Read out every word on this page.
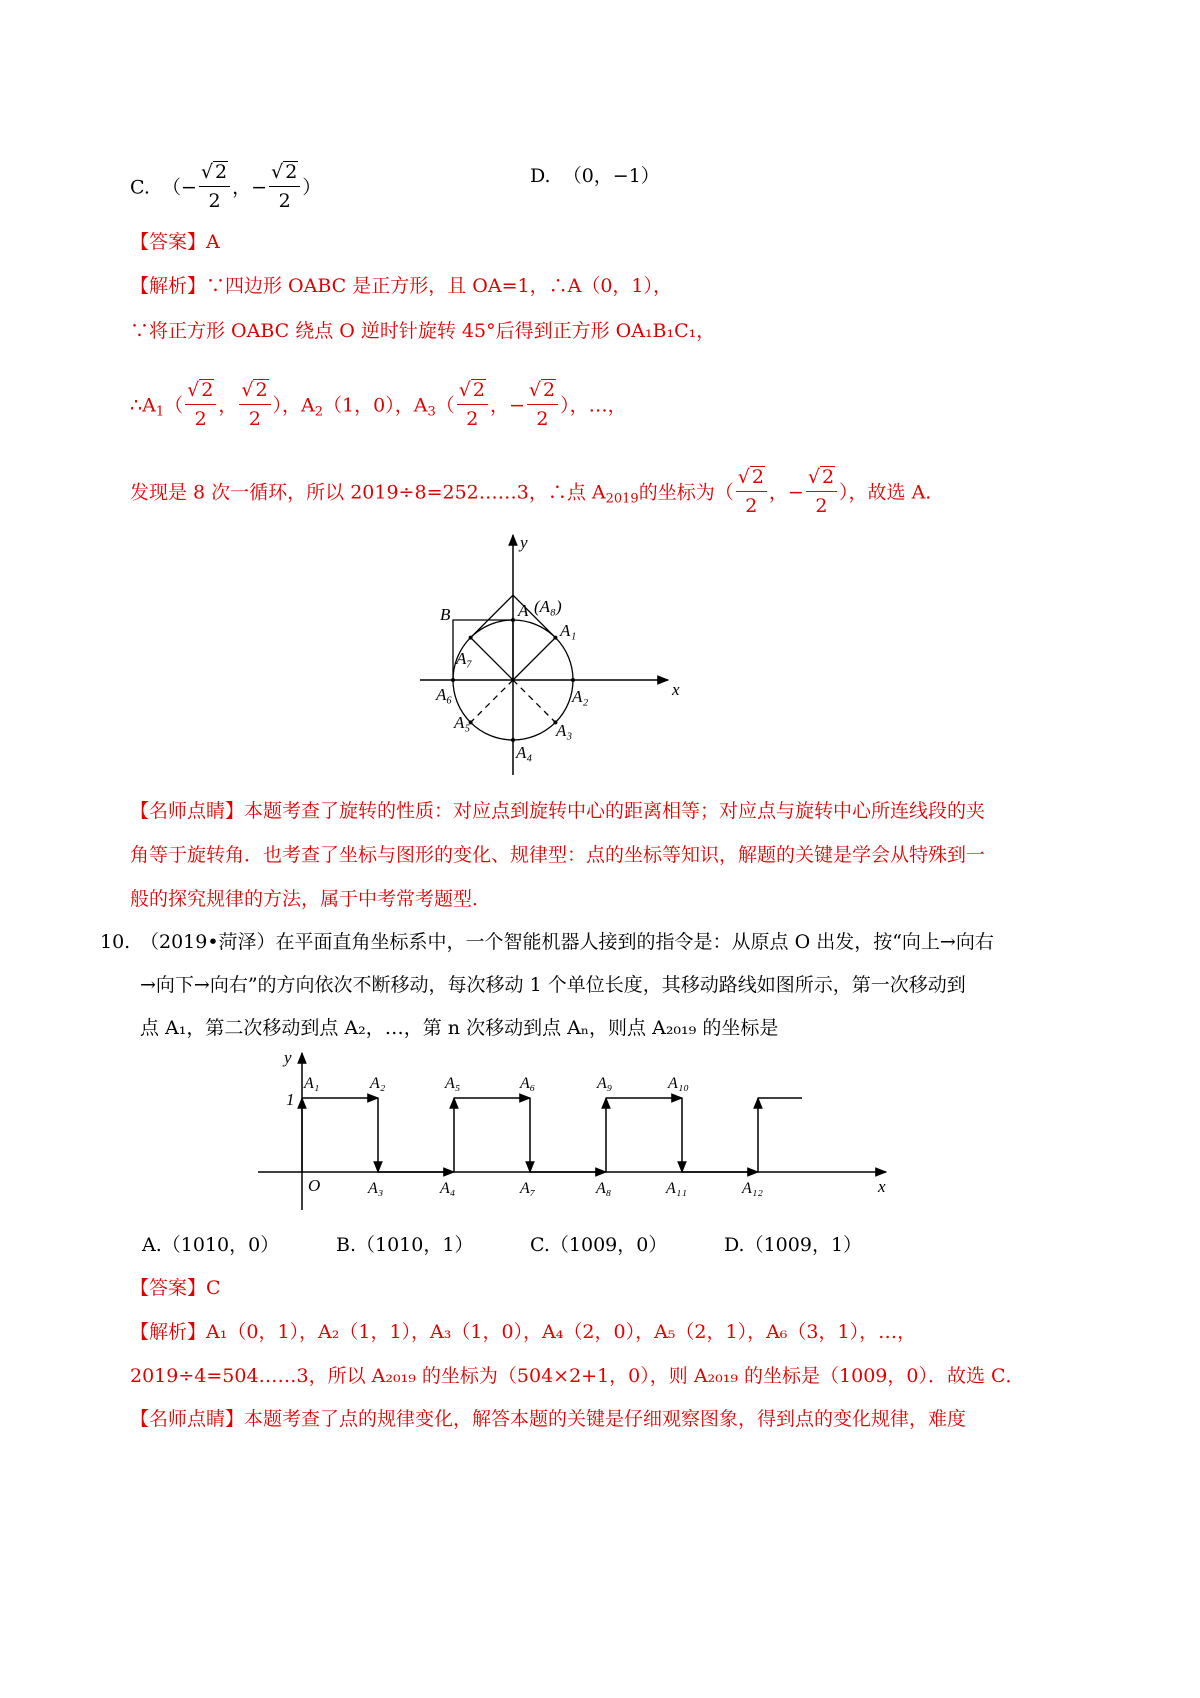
C. （− $\frac{√ 2}{2}$ ，− $\frac{√ 2}{2}$ ）
D. （0，−1）
【答案】A
【解析】∵四边形 OABC 是正方形，且 OA=1，∴A（0，1），
∵将正方形 OABC 绕点 O 逆时针旋转 45°后得到正方形 OA₁B₁C₁，
$\therefore A_1( \frac{√ 2}{2}$ ， $\frac{√ 2}{2}$ ），$A_2(1$，0），$A_3( \frac{√ 2}{2}$ ，− $\frac{√ 2}{2}$ ），…，
发现是 8 次一循环，所以 2019÷8=252……3，∴点 $A_{2019}$的坐标为（ $\frac{√ 2}{2}$ ，− $\frac{√ 2}{2}$ ），故选 A.
y
x
B	A (A₈)
A₁
A₇
A₆	A₂
A₅	A₃
A₄
【名师点睛】本题考查了旋转的性质：对应点到旋转中心的距离相等；对应点与旋转中心所连线段的夹
角等于旋转角．也考查了坐标与图形的变化、规律型：点的坐标等知识，解题的关键是学会从特殊到一
般的探究规律的方法，属于中考常考题型．
10. （2019•菏泽）在平面直角坐标系中，一个智能机器人接到的指令是：从原点 O 出发，按“向上→向右
→向下→向右”的方向依次不断移动，每次移动 1 个单位长度，其移动路线如图所示，第一次移动到
点 A₁，第二次移动到点 A₂，…，第 n 次移动到点 Aₙ，则点 A₂₀₁₉ 的坐标是
y
x
1
O
A₁	A₂
A₃	A₄
A₅	A₆
A₇	A₈
A₉	A₁₀
A₁₁	A₁₂
A.（1010，0）	B.（1010，1）	C.（1009，0）	D.（1009，1）
【答案】C
【解析】A₁（0，1），A₂（1，1），A₃（1，0），A₄（2，0），A₅（2，1），A₆（3，1），…，
2019÷4=504……3，所以 A₂₀₁₉ 的坐标为（504×2+1，0），则 A₂₀₁₉ 的坐标是（1009，0）．故选 C．
【名师点睛】本题考查了点的规律变化，解答本题的关键是仔细观察图象，得到点的变化规律，难度
